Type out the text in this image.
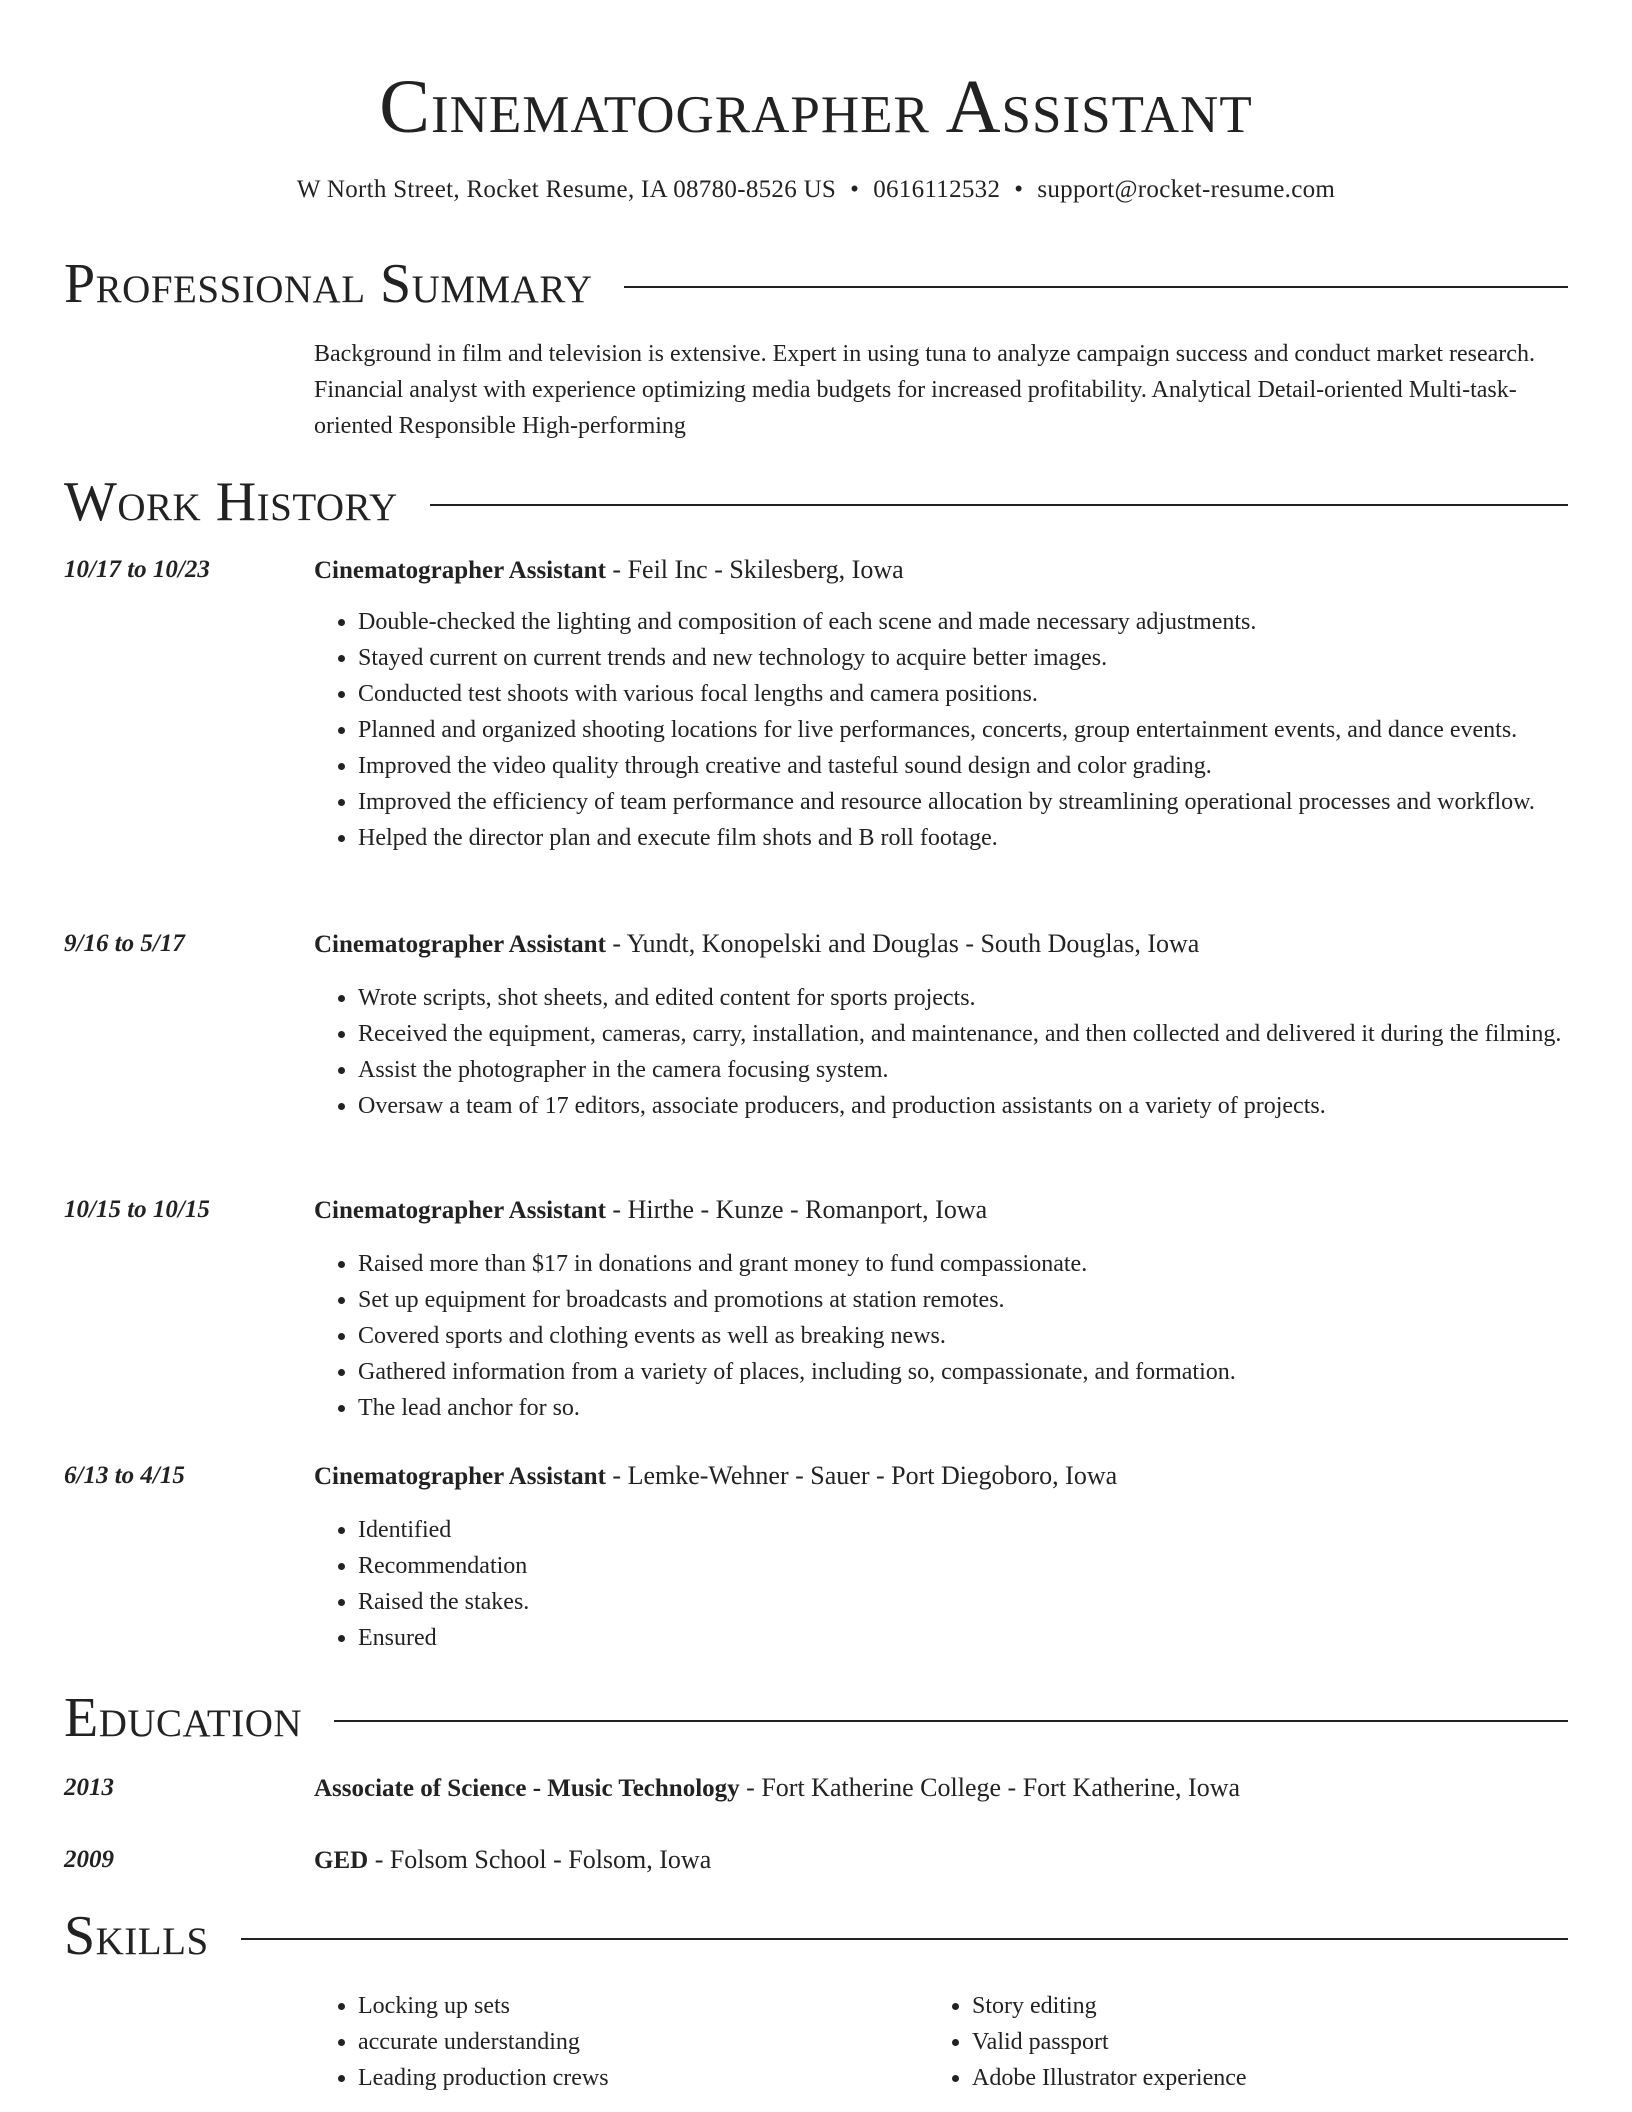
Cinematographer Assistant
W North Street, Rocket Resume, IA 08780-8526 US • 0616112532 • support@rocket-resume.com
Professional Summary

Background in film and television is extensive. Expert in using tuna to analyze campaign success and conduct market research. Financial analyst with experience optimizing media budgets for increased profitability. Analytical Detail-oriented Multi-task-oriented Responsible High-performing

Work History
10/17 to 10/23	Cinematographer Assistant - Feil Inc - Skilesberg, Iowa
• Double-checked the lighting and composition of each scene and made necessary adjustments.
• Stayed current on current trends and new technology to acquire better images.
• Conducted test shoots with various focal lengths and camera positions.
• Planned and organized shooting locations for live performances, concerts, group entertainment events, and dance events.
• Improved the video quality through creative and tasteful sound design and color grading.
• Improved the efficiency of team performance and resource allocation by streamlining operational processes and workflow.
• Helped the director plan and execute film shots and B roll footage.
9/16 to 5/17	Cinematographer Assistant - Yundt, Konopelski and Douglas - South Douglas, Iowa
• Wrote scripts, shot sheets, and edited content for sports projects.
• Received the equipment, cameras, carry, installation, and maintenance, and then collected and delivered it during the filming.
• Assist the photographer in the camera focusing system.
• Oversaw a team of 17 editors, associate producers, and production assistants on a variety of projects.
10/15 to 10/15	Cinematographer Assistant - Hirthe - Kunze - Romanport, Iowa
• Raised more than $17 in donations and grant money to fund compassionate.
• Set up equipment for broadcasts and promotions at station remotes.
• Covered sports and clothing events as well as breaking news.
• Gathered information from a variety of places, including so, compassionate, and formation.
• The lead anchor for so.
6/13 to 4/15	Cinematographer Assistant - Lemke-Wehner - Sauer - Port Diegoboro, Iowa
• Identified
• Recommendation
• Raised the stakes.
• Ensured
Education
2013	Associate of Science - Music Technology - Fort Katherine College - Fort Katherine, Iowa
2009	GED - Folsom School - Folsom, Iowa
Skills
• Locking up sets
• accurate understanding
• Leading production crews
• Story editing
• Valid passport
• Adobe Illustrator experience
